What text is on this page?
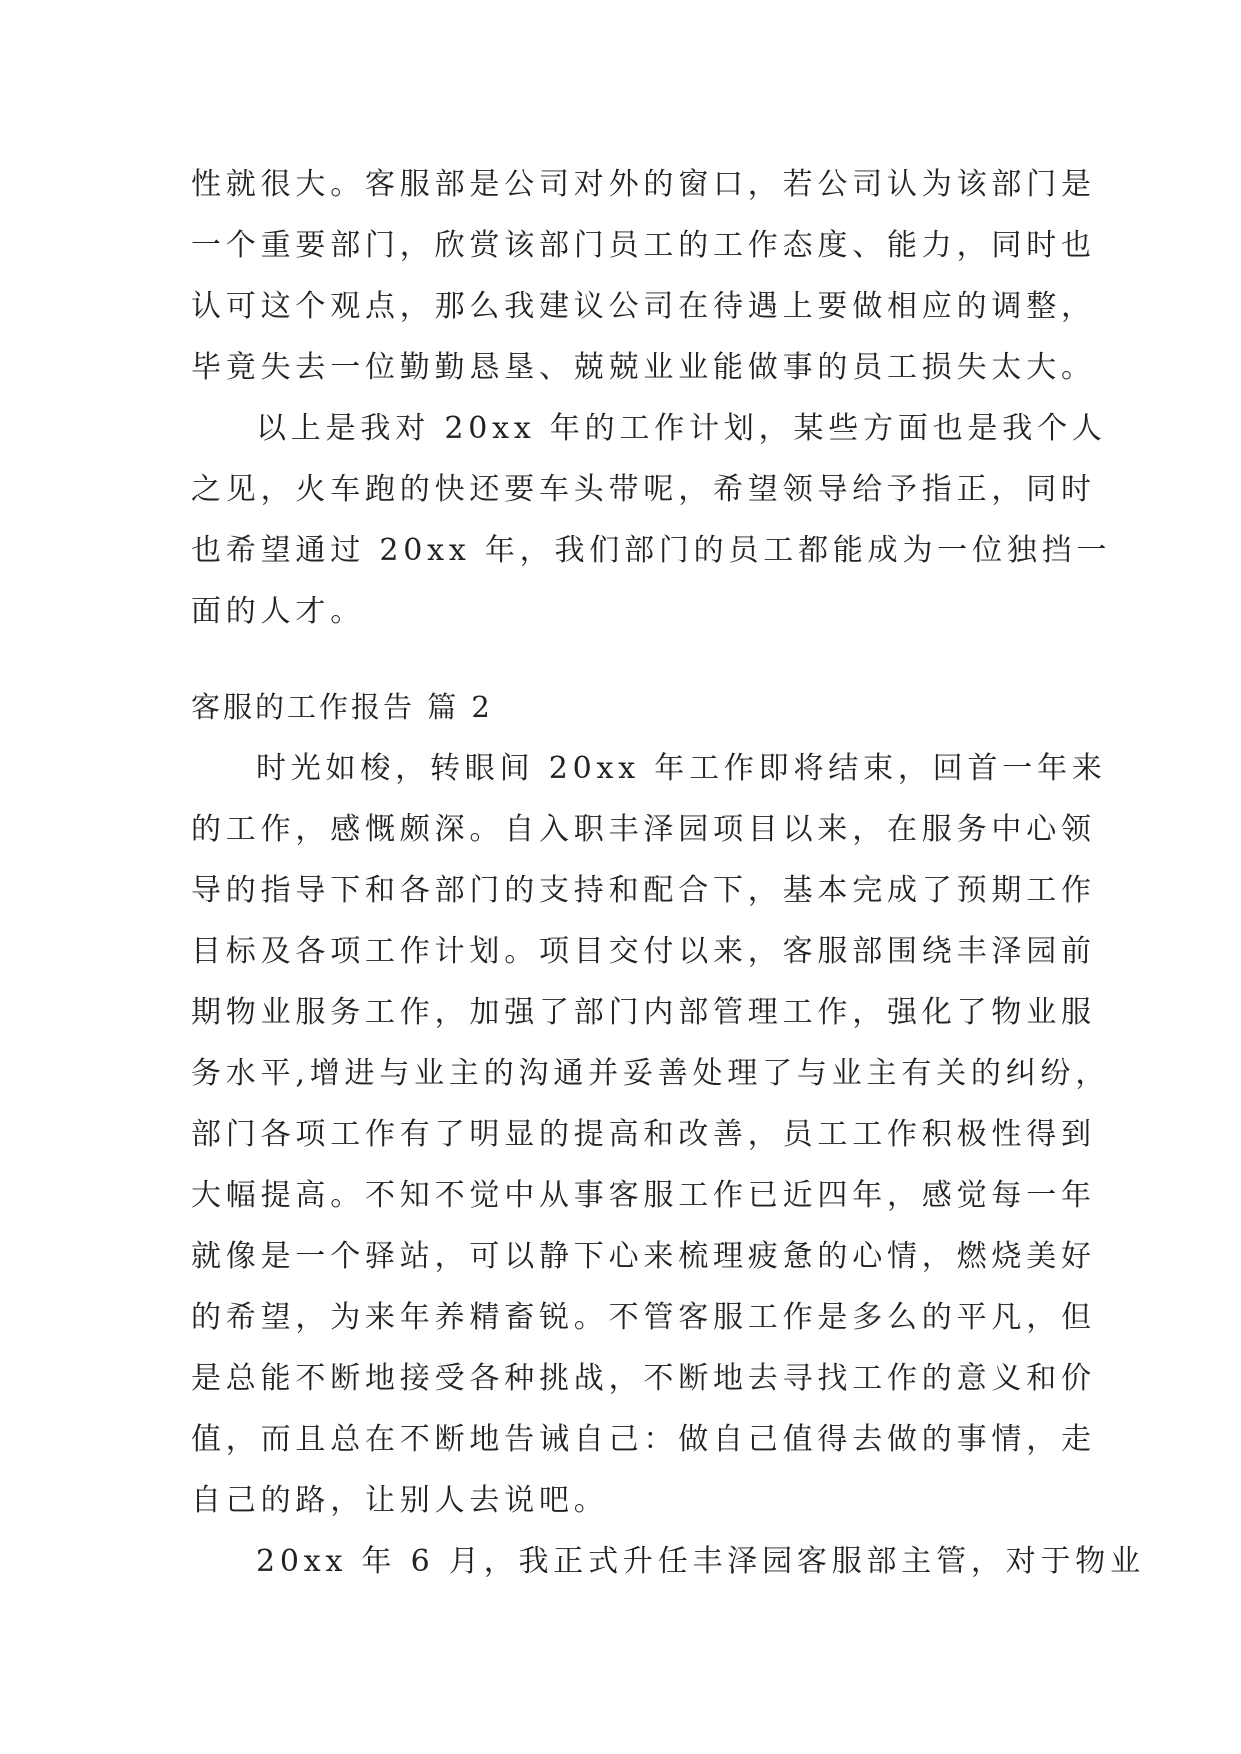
性就很大。客服部是公司对外的窗口，若公司认为该部门是
一个重要部门，欣赏该部门员工的工作态度、能力，同时也
认可这个观点，那么我建议公司在待遇上要做相应的调整，
毕竟失去一位勤勤恳垦、兢兢业业能做事的员工损失太大。
以上是我对 20xx 年的工作计划，某些方面也是我个人
之见，火车跑的快还要车头带呢，希望领导给予指正，同时
也希望通过 20xx 年，我们部门的员工都能成为一位独挡一
面的人才。
客服的工作报告 篇 2
时光如梭，转眼间 20xx 年工作即将结束，回首一年来
的工作，感慨颇深。自入职丰泽园项目以来，在服务中心领
导的指导下和各部门的支持和配合下，基本完成了预期工作
目标及各项工作计划。项目交付以来，客服部围绕丰泽园前
期物业服务工作，加强了部门内部管理工作，强化了物业服
务水平,增进与业主的沟通并妥善处理了与业主有关的纠纷，
部门各项工作有了明显的提高和改善，员工工作积极性得到
大幅提高。不知不觉中从事客服工作已近四年，感觉每一年
就像是一个驿站，可以静下心来梳理疲惫的心情，燃烧美好
的希望，为来年养精畜锐。不管客服工作是多么的平凡，但
是总能不断地接受各种挑战，不断地去寻找工作的意义和价
值，而且总在不断地告诫自己：做自己值得去做的事情，走
自己的路，让别人去说吧。
20xx 年 6 月，我正式升任丰泽园客服部主管，对于物业
